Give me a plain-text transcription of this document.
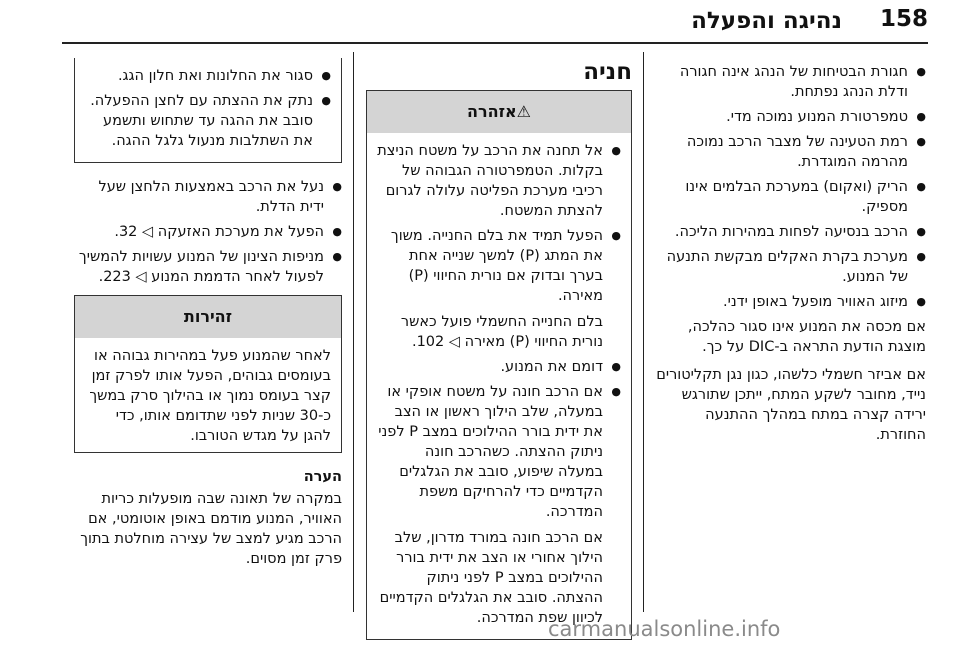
נהיגה והפעלה 158
● חגורת הבטיחות של הנהג אינה חגורה ודלת הנהג נפתחת.
● טמפרטורת המנוע נמוכה מדי.
● רמת הטעינה של מצבר הרכב נמוכה מהרמה המוגדרת.
● הריק (ואקום) במערכת הבלמים אינו מספיק.
● הרכב בנסיעה לפחות במהירות הליכה.
● מערכת בקרת האקלים מבקשת התנעה של המנוע.
● מיזוג האוויר מופעל באופן ידני.

אם מכסה את המנוע אינו סגור כהלכה, מוצגת הודעת התראה ב-DIC על כך.

אם אביזר חשמלי כלשהו, כגון נגן תקליטורים נייד, מחובר לשקע המתח, ייתכן שתורגש ירידה קצרה במתח במהלך ההתנעה החוזרת.

חניה
⚠אזהרה
● אל תחנה את הרכב על משטח הניצת בקלות. הטמפרטורה הגבוהה של רכיבי מערכת הפליטה עלולה לגרום להצתת המשטח.
● הפעל תמיד את בלם החנייה. משוך את המתג (P) למשך שנייה אחת בערך ובדוק אם נורית החיווי (P) מאירה.
בלם החנייה החשמלי פועל כאשר נורית החיווי (P) מאירה ◁ 102.
● דומם את המנוע.
● אם הרכב חונה על משטח אופקי או במעלה, שלב הילוך ראשון או הצב את ידית בורר ההילוכים במצב P לפני ניתוק ההצתה. כשהרכב חונה במעלה שיפוע, סובב את הגלגלים הקדמיים כדי להרחיקם משפת המדרכה.
אם הרכב חונה במורד מדרון, שלב הילוך אחורי או הצב את ידית בורר ההילוכים במצב P לפני ניתוק ההצתה. סובב את הגלגלים הקדמיים לכיוון שפת המדרכה.
● סגור את החלונות ואת חלון הגג.
● נתק את ההצתה עם לחצן ההפעלה. סובב את ההגה עד שתחוש ותשמע את השתלבות מנעול גלגל ההגה.
● נעל את הרכב באמצעות הלחצן שעל ידית הדלת.
● הפעל את מערכת האזעקה ◁ 32.
● מניפות הצינון של המנוע עשויות להמשיך לפעול לאחר הדממת המנוע ◁ 223.
זהירות
לאחר שהמנוע פעל במהירות גבוהה או בעומסים גבוהים, הפעל אותו לפרק זמן קצר בעומס נמוך או בהילוך סרק במשך כ-30 שניות לפני שתדומם אותו, כדי להגן על מגדש הטורבו.
הערה
במקרה של תאונה שבה מופעלות כריות האוויר, המנוע מודמם באופן אוטומטי, אם הרכב מגיע למצב של עצירה מוחלטת בתוך פרק זמן מסוים.
carmanualsonline.info
